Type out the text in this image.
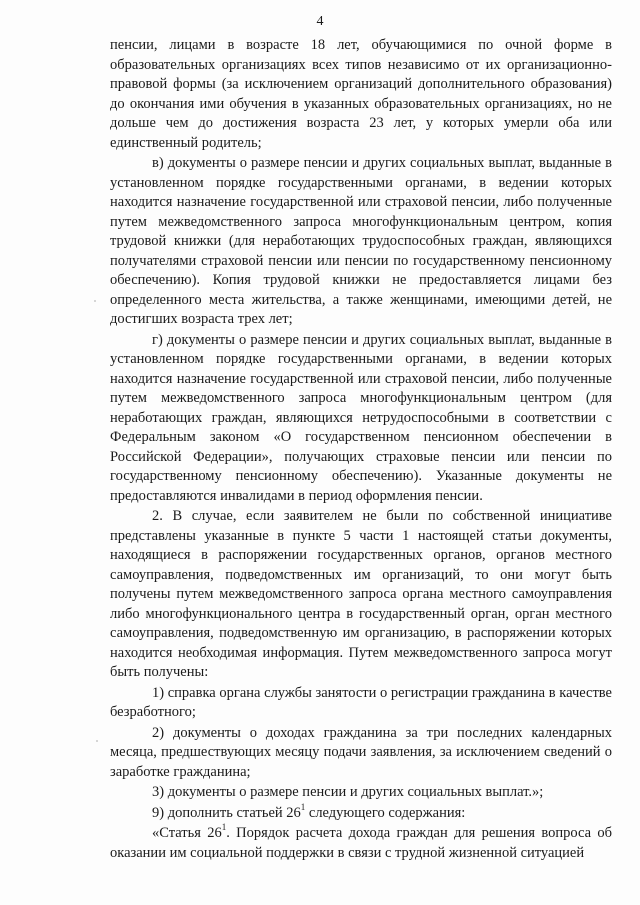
4

пенсии, лицами в возрасте 18 лет, обучающимися по очной форме в образовательных организациях всех типов независимо от их организационно-правовой формы (за исключением организаций дополнительного образования) до окончания ими обучения в указанных образовательных организациях, но не дольше чем до достижения возраста 23 лет, у которых умерли оба или единственный родитель;

в) документы о размере пенсии и других социальных выплат, выданные в установленном порядке государственными органами, в ведении которых находится назначение государственной или страховой пенсии, либо полученные путем межведомственного запроса многофункциональным центром, копия трудовой книжки (для неработающих трудоспособных граждан, являющихся получателями страховой пенсии или пенсии по государственному пенсионному обеспечению). Копия трудовой книжки не предоставляется лицами без определенного места жительства, а также женщинами, имеющими детей, не достигших возраста трех лет;

г) документы о размере пенсии и других социальных выплат, выданные в установленном порядке государственными органами, в ведении которых находится назначение государственной или страховой пенсии, либо полученные путем межведомственного запроса многофункциональным центром (для неработающих граждан, являющихся нетрудоспособными в соответствии с Федеральным законом «О государственном пенсионном обеспечении в Российской Федерации», получающих страховые пенсии или пенсии по государственному пенсионному обеспечению). Указанные документы не предоставляются инвалидами в период оформления пенсии.

2. В случае, если заявителем не были по собственной инициативе представлены указанные в пункте 5 части 1 настоящей статьи документы, находящиеся в распоряжении государственных органов, органов местного самоуправления, подведомственных им организаций, то они могут быть получены путем межведомственного запроса органа местного самоуправления либо многофункционального центра в государственный орган, орган местного самоуправления, подведомственную им организацию, в распоряжении которых находится необходимая информация. Путем межведомственного запроса могут быть получены:

1) справка органа службы занятости о регистрации гражданина в качестве безработного;

2) документы о доходах гражданина за три последних календарных месяца, предшествующих месяцу подачи заявления, за исключением сведений о заработке гражданина;

3) документы о размере пенсии и других социальных выплат.»;

9) дополнить статьей $26^1$ следующего содержания:

«Статья $26^1$. Порядок расчета дохода граждан для решения вопроса об оказании им социальной поддержки в связи с трудной жизненной ситуацией
